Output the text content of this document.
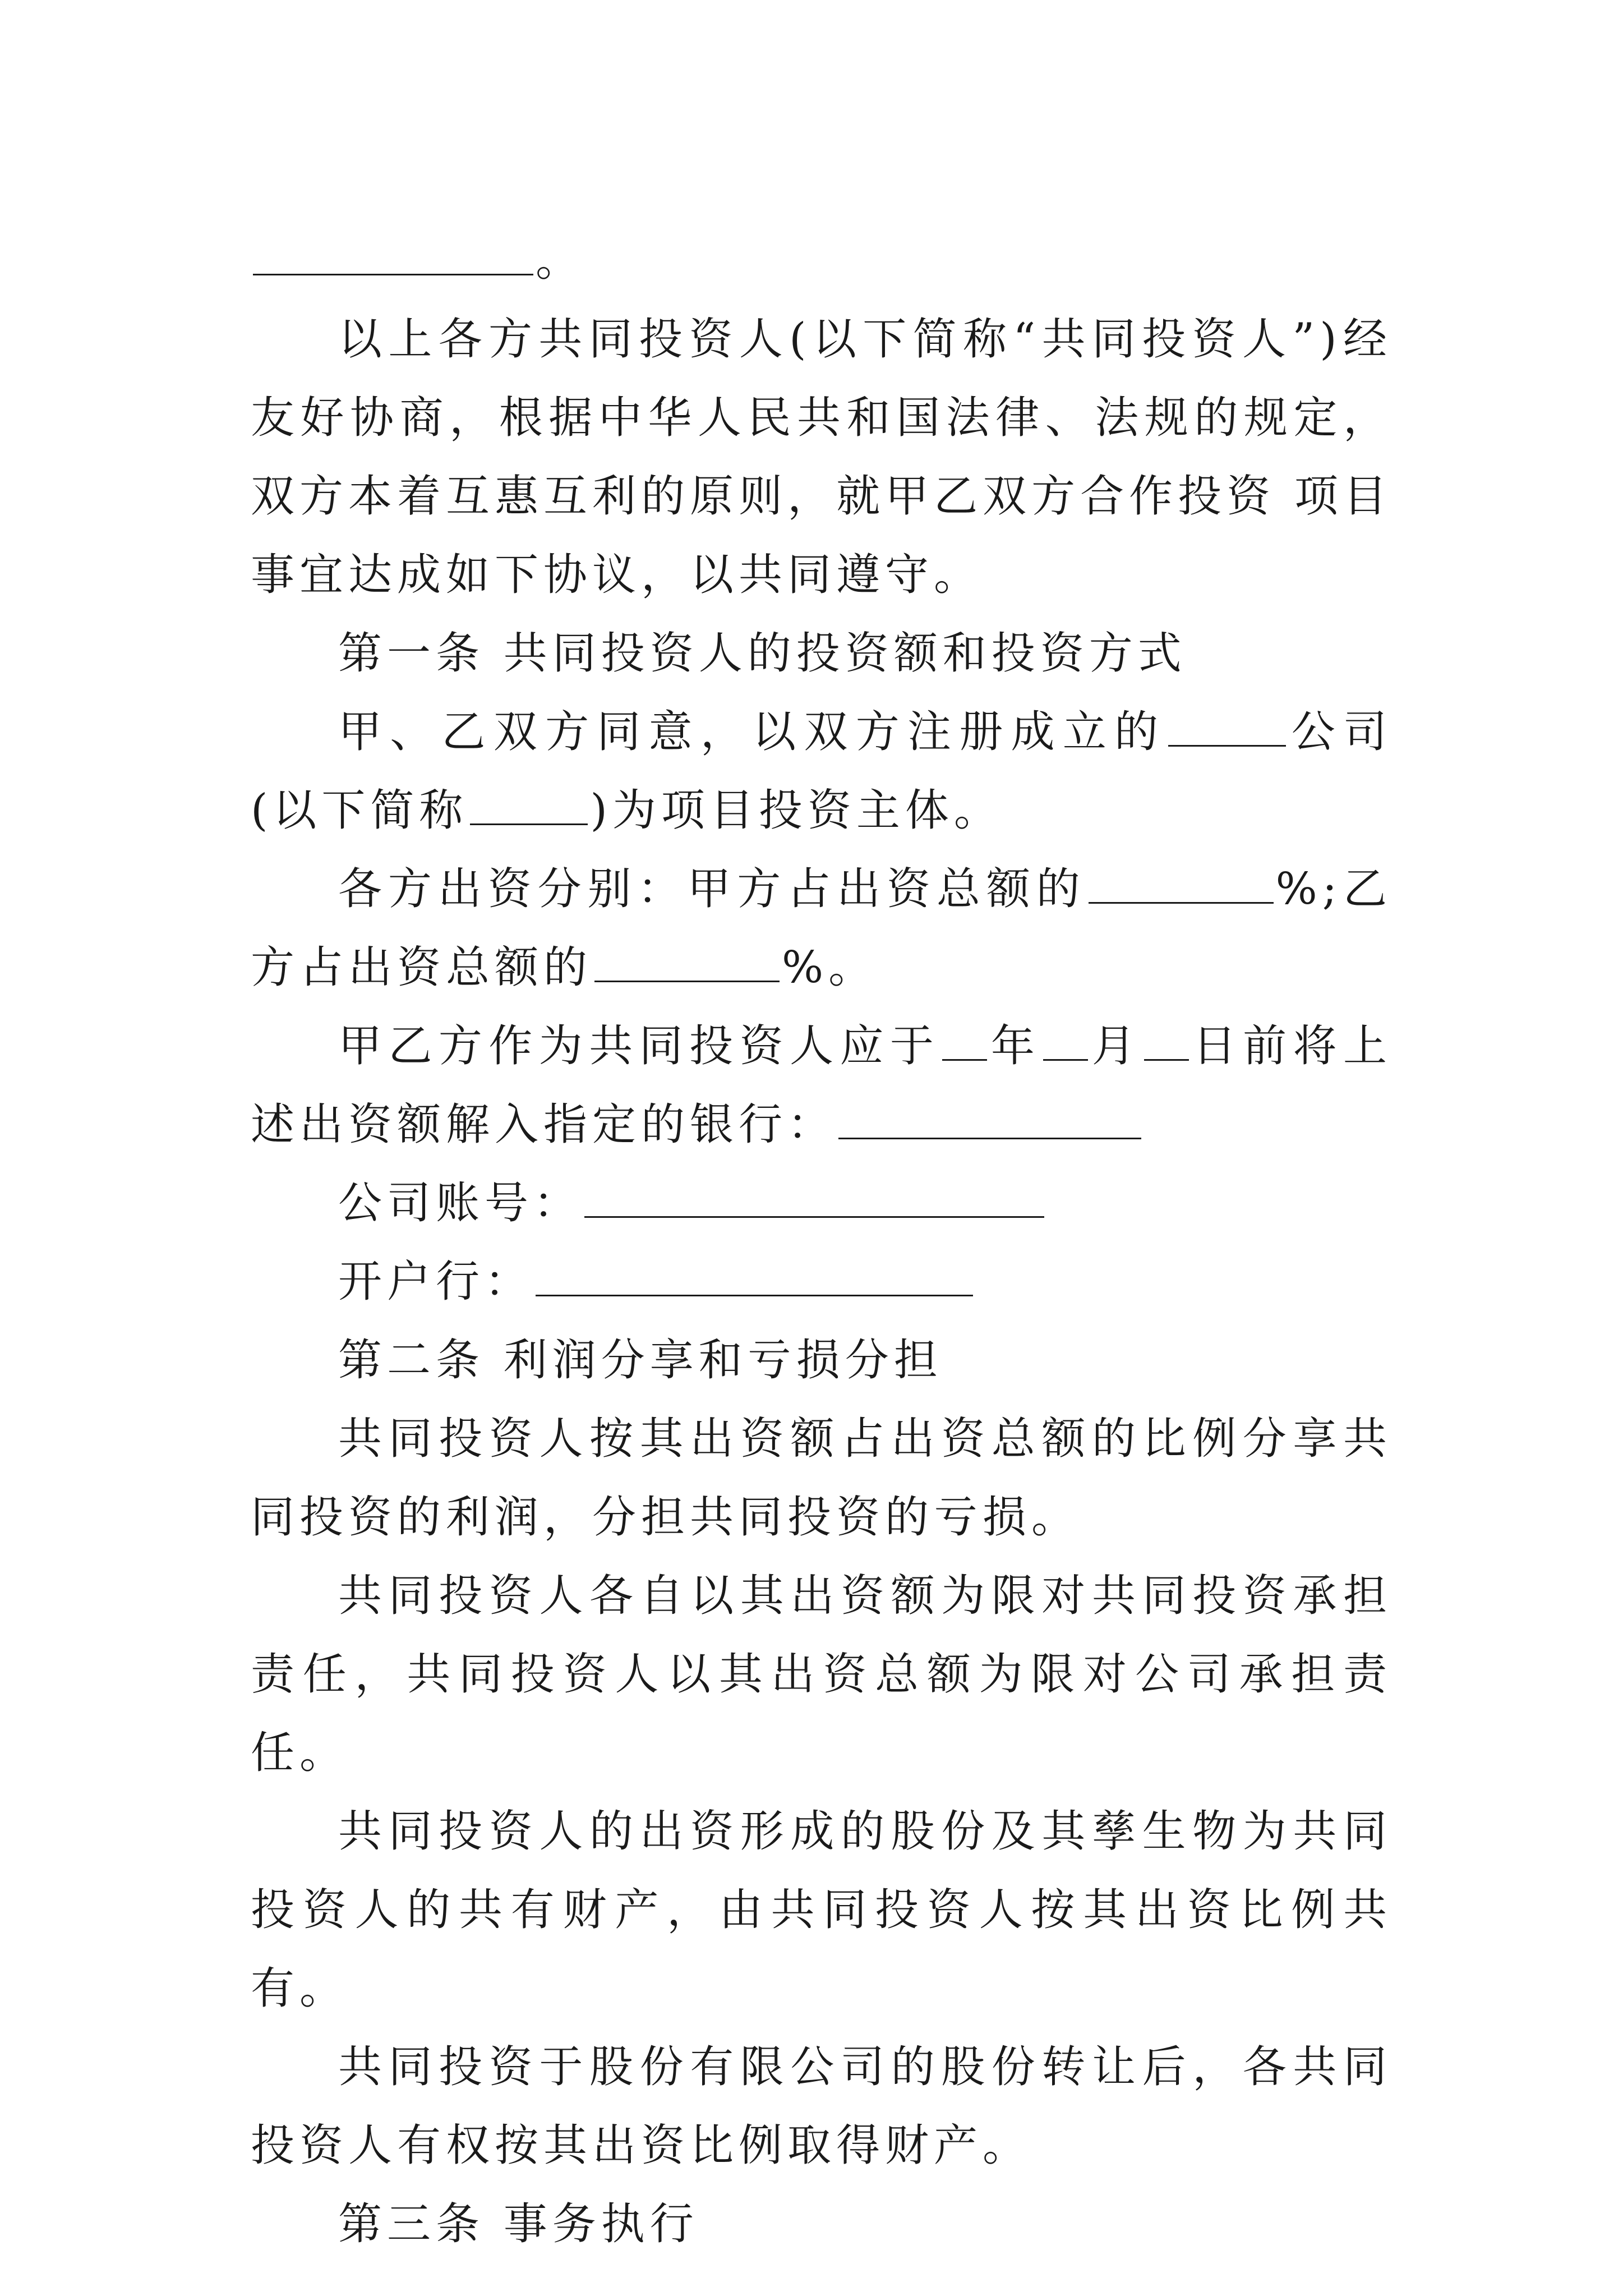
。

以上各方共同投资人(以下简称“共同投资人”)经友好协商，根据中华人民共和国法律、法规的规定，双方本着互惠互利的原则，就甲乙双方合作投资 项目事宜达成如下协议，以共同遵守。

第一条 共同投资人的投资额和投资方式

甲、乙双方同意，以双方注册成立的	公司(以下简称	)为项目投资主体。

各方出资分别：甲方占出资总额的	%;乙方占出资总额的	%。

甲乙方作为共同投资人应于 年 月 日前将上述出资额解入指定的银行：

公司账号：

开户行：

第二条 利润分享和亏损分担

共同投资人按其出资额占出资总额的比例分享共同投资的利润，分担共同投资的亏损。

共同投资人各自以其出资额为限对共同投资承担责任，共同投资人以其出资总额为限对公司承担责任。

共同投资人的出资形成的股份及其孳生物为共同投资人的共有财产，由共同投资人按其出资比例共有。

共同投资于股份有限公司的股份转让后，各共同投资人有权按其出资比例取得财产。

第三条 事务执行
